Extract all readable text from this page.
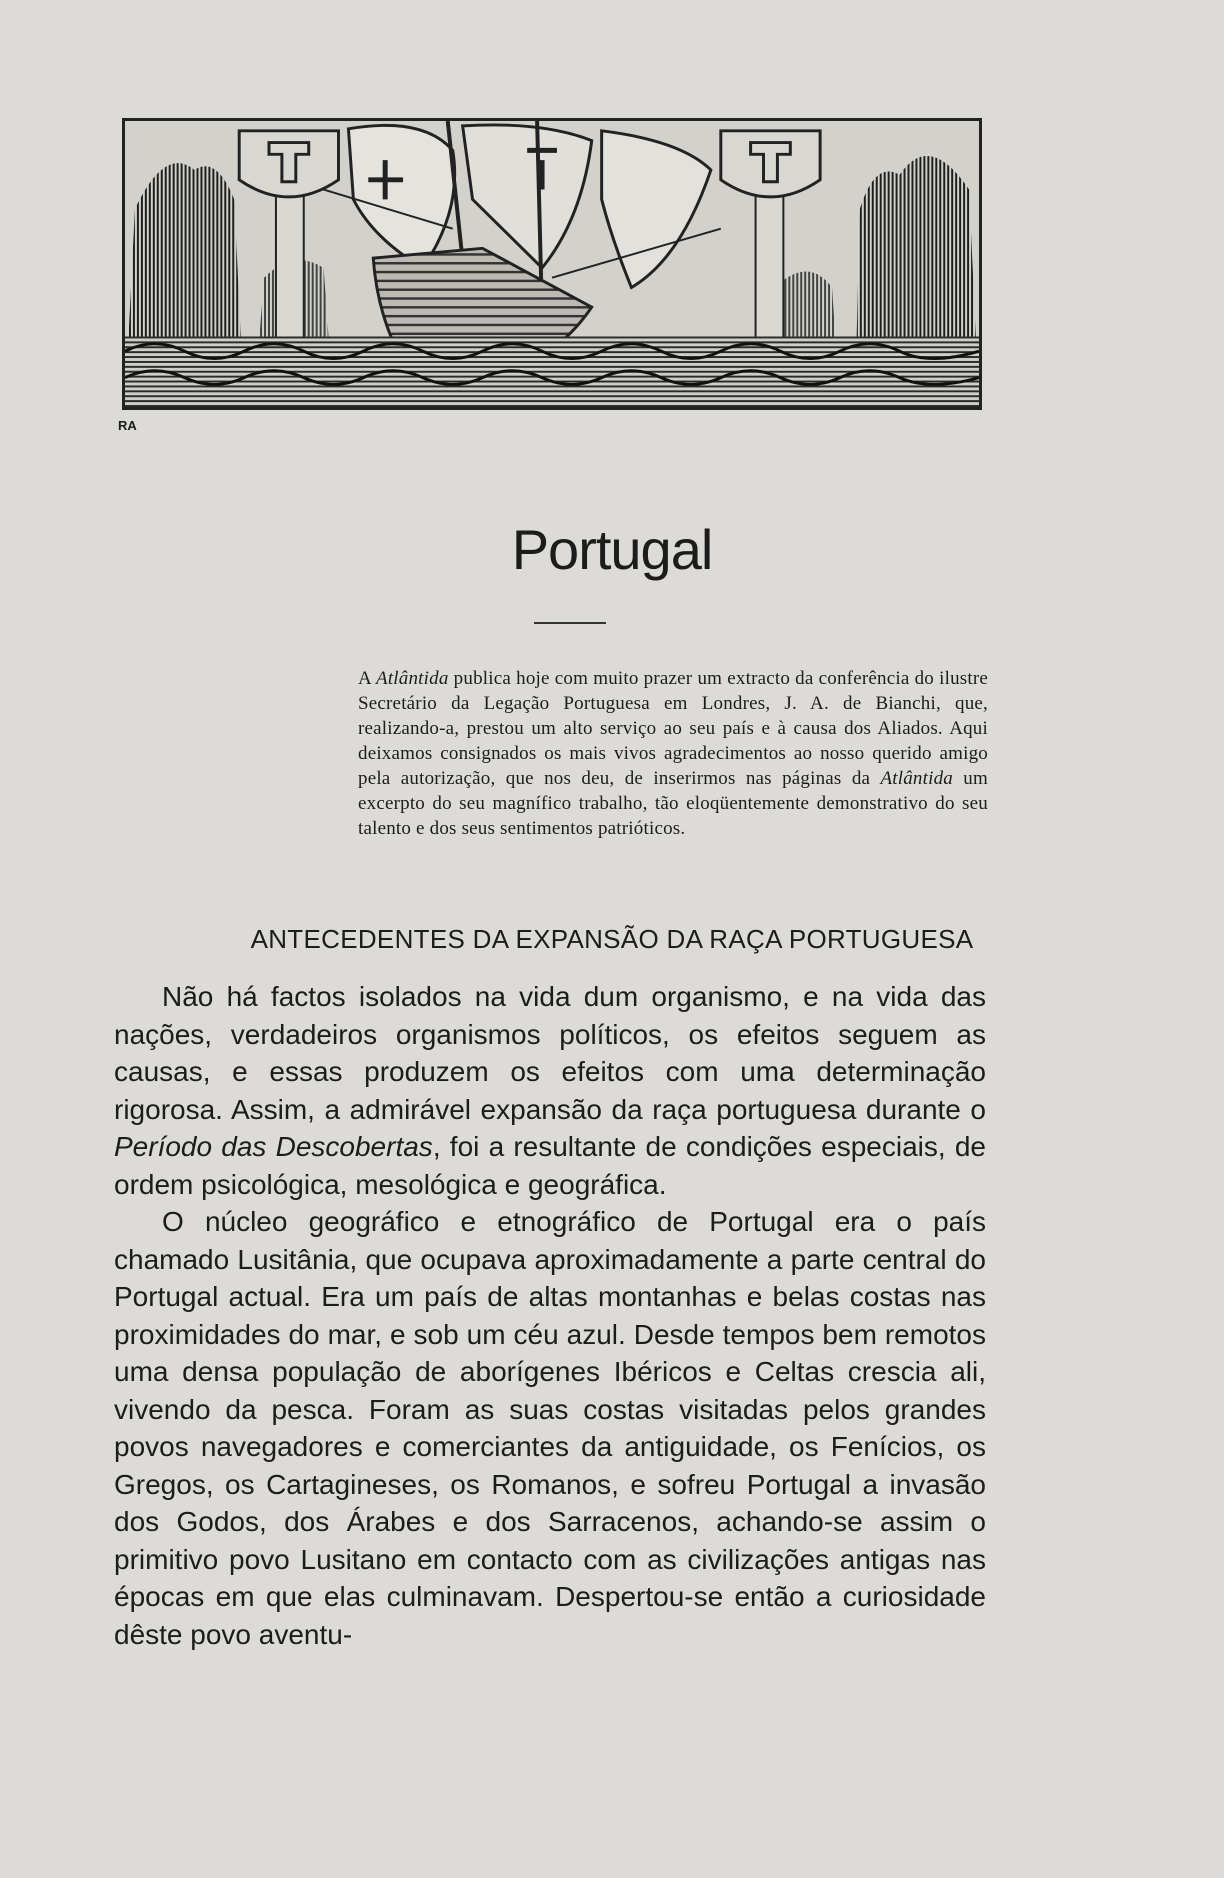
RA
Portugal
A Atlântida publica hoje com muito prazer um extracto da conferência do ilustre Secretário da Legação Portuguesa em Londres, J. A. de Bianchi, que, realizando-a, prestou um alto serviço ao seu país e à causa dos Aliados. Aqui deixamos consignados os mais vivos agradecimentos ao nosso querido amigo pela autorização, que nos deu, de inserirmos nas páginas da Atlântida um excerpto do seu magnífico trabalho, tão eloqüentemente demonstrativo do seu talento e dos seus sentimentos patrióticos.
ANTECEDENTES DA EXPANSÃO DA RAÇA PORTUGUESA

Não há factos isolados na vida dum organismo, e na vida das nações, verdadeiros organismos políticos, os efeitos seguem as causas, e essas produzem os efeitos com uma determinação rigorosa. Assim, a admirável expansão da raça portuguesa durante o Período das Descobertas, foi a resultante de condições especiais, de ordem psicológica, mesológica e geográfica.

O núcleo geográfico e etnográfico de Portugal era o país chamado Lusitânia, que ocupava aproximadamente a parte central do Portugal actual. Era um país de altas montanhas e belas costas nas proximidades do mar, e sob um céu azul. Desde tempos bem remotos uma densa população de aborígenes Ibéricos e Celtas crescia ali, vivendo da pesca. Foram as suas costas visitadas pelos grandes povos navegadores e comerciantes da antiguidade, os Fenícios, os Gregos, os Cartagineses, os Romanos, e sofreu Portugal a invasão dos Godos, dos Árabes e dos Sarracenos, achando-se assim o primitivo povo Lusitano em contacto com as civilizações antigas nas épocas em que elas culminavam. Despertou-se então a curiosidade dêste povo aventu-
